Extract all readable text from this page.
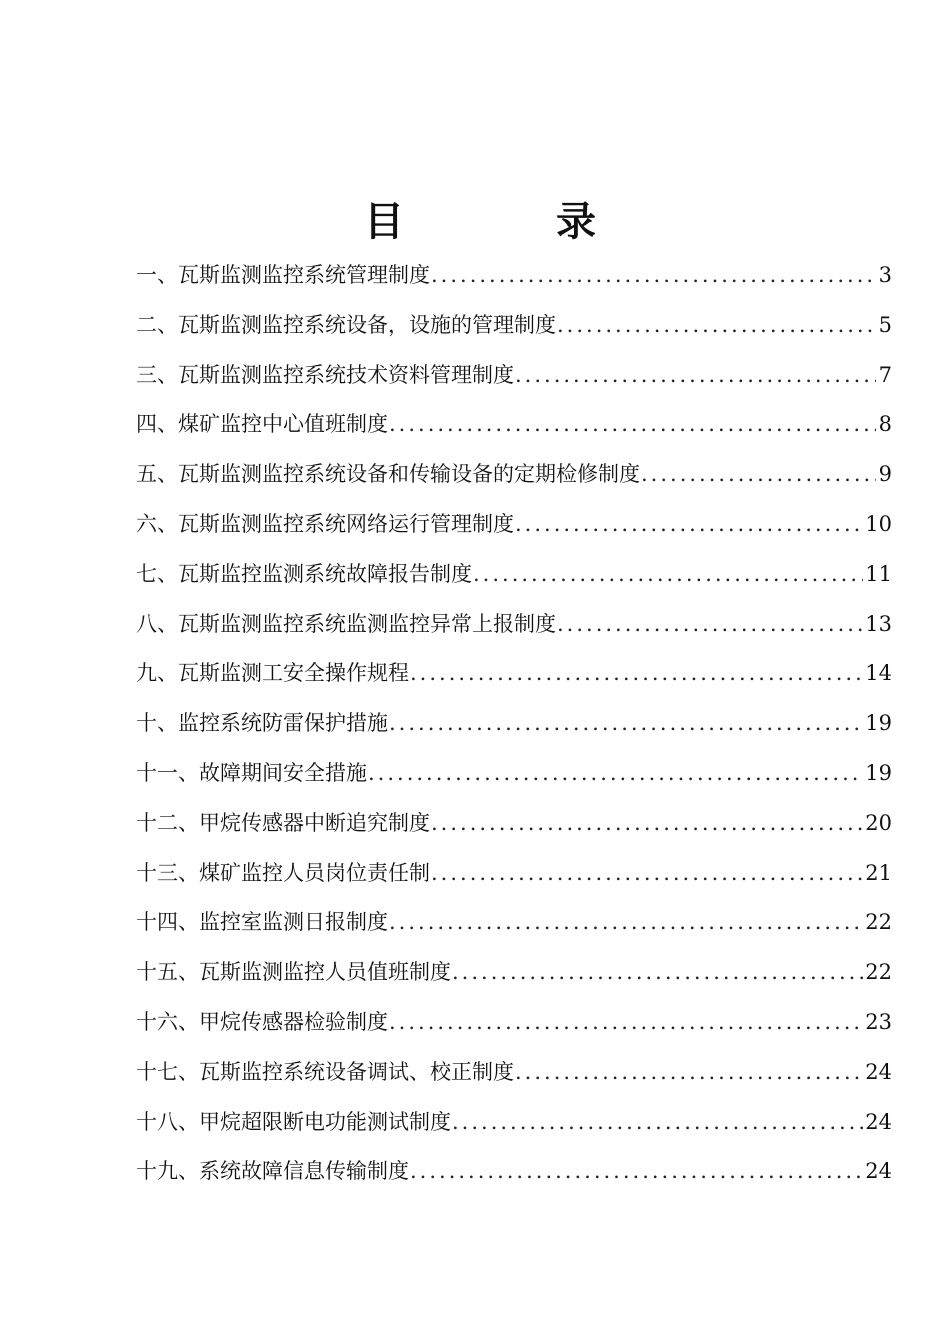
目　录
一、瓦斯监测监控系统管理制度 .....	3
二、瓦斯监测监控系统设备，设施的管理制度 .....	5
三、瓦斯监测监控系统技术资料管理制度 .....	7
四、煤矿监控中心值班制度 .....	8
五、瓦斯监测监控系统设备和传输设备的定期检修制度 .....	9
六、瓦斯监测监控系统网络运行管理制度 .....	10
七、瓦斯监控监测系统故障报告制度 .....	11
八、瓦斯监测监控系统监测监控异常上报制度 .....	13
九、瓦斯监测工安全操作规程 .....	14
十、监控系统防雷保护措施 .....	19
十一、故障期间安全措施 .....	19
十二、甲烷传感器中断追究制度 .....	20
十三、煤矿监控人员岗位责任制 .....	21
十四、监控室监测日报制度 .....	22
十五、瓦斯监测监控人员值班制度 .....	22
十六、甲烷传感器检验制度 .....	23
十七、瓦斯监控系统设备调试、校正制度 .....	24
十八、甲烷超限断电功能测试制度 .....	24
十九、系统故障信息传输制度 .....	24
